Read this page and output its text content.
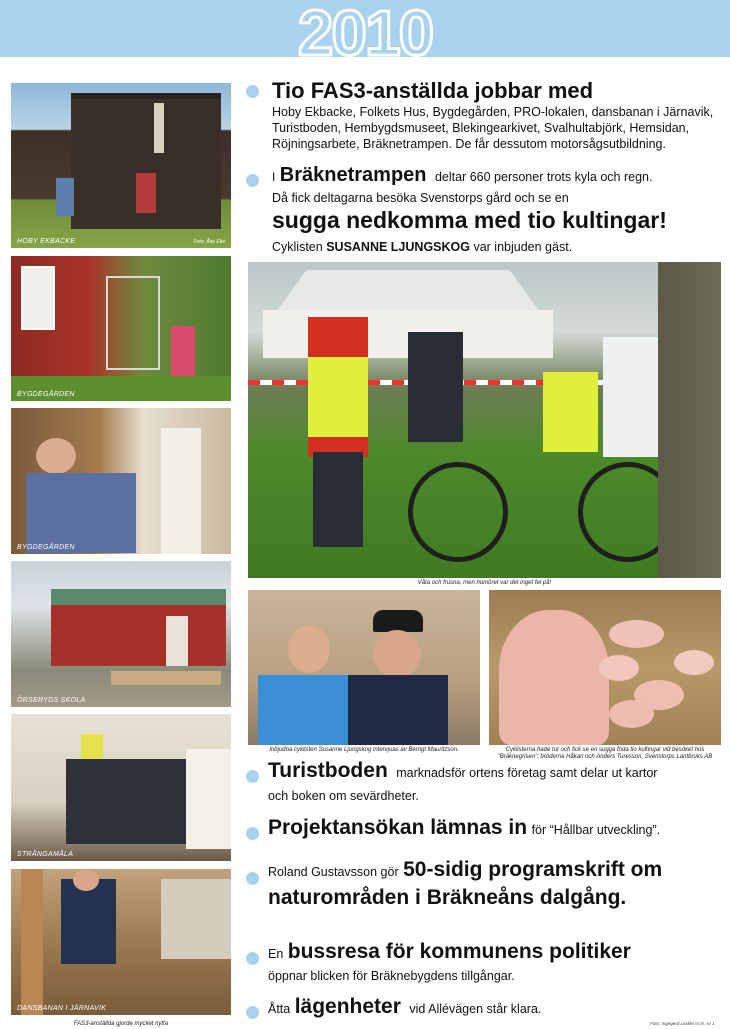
2010
HOBY EKBACKE	Foto: Åke Eke
BYGDEGÅRDEN
BYGDEGÅRDEN
ÖRSERYDS SKOLA
STRÅNGAMÅLA
DANSBANAN I JÄRNAVIK
FAS3-anställda gjorde mycket nytta
Tio FAS3-anställda jobbar med
Hoby Ekbacke, Folkets Hus, Bygdegården, PRO-lokalen, dansbanan i Järnavik,
Turistboden, Hembygdsmuseet, Blekingearkivet, Svalhultabjörk, Hemsidan,
Röjningsarbete, Bräknetrampen. De får dessutom motorsågsutbildning.
I Bräknetrampen deltar 660 personer trots kyla och regn.
Då fick deltagarna besöka Svenstorps gård och se en
sugga nedkomma med tio kultingar!
Cyklisten SUSANNE LJUNGSKOG var inbjuden gäst.
Våta och frusna, men humöret var det inget fel på!
Inbjudna cyklisten Susanne Ljungskog intervjuas av Berngt Mauritzson.	Cyklisterna hade tur och fick se en sugga föda tio kultingar vid besöket hos
”Bräknegrisen”: bröderna Håkan och Anders Turesson, Svenstorps Lantbruks AB
Turistboden marknadsför ortens företag samt delar ut kartor
och boken om sevärdheter.
Projektansökan lämnas in för “Hållbar utveckling”.
Roland Gustavsson gör 50-sidig programskrift om
naturområden i Bräkneåns dalgång.
En bussresa för kommunens politiker
öppnar blicken för Bräknebygdens tillgångar.
Åtta lägenheter vid Allévägen står klara.
Foto: Ingegerd Lindén m.m. sv 1
